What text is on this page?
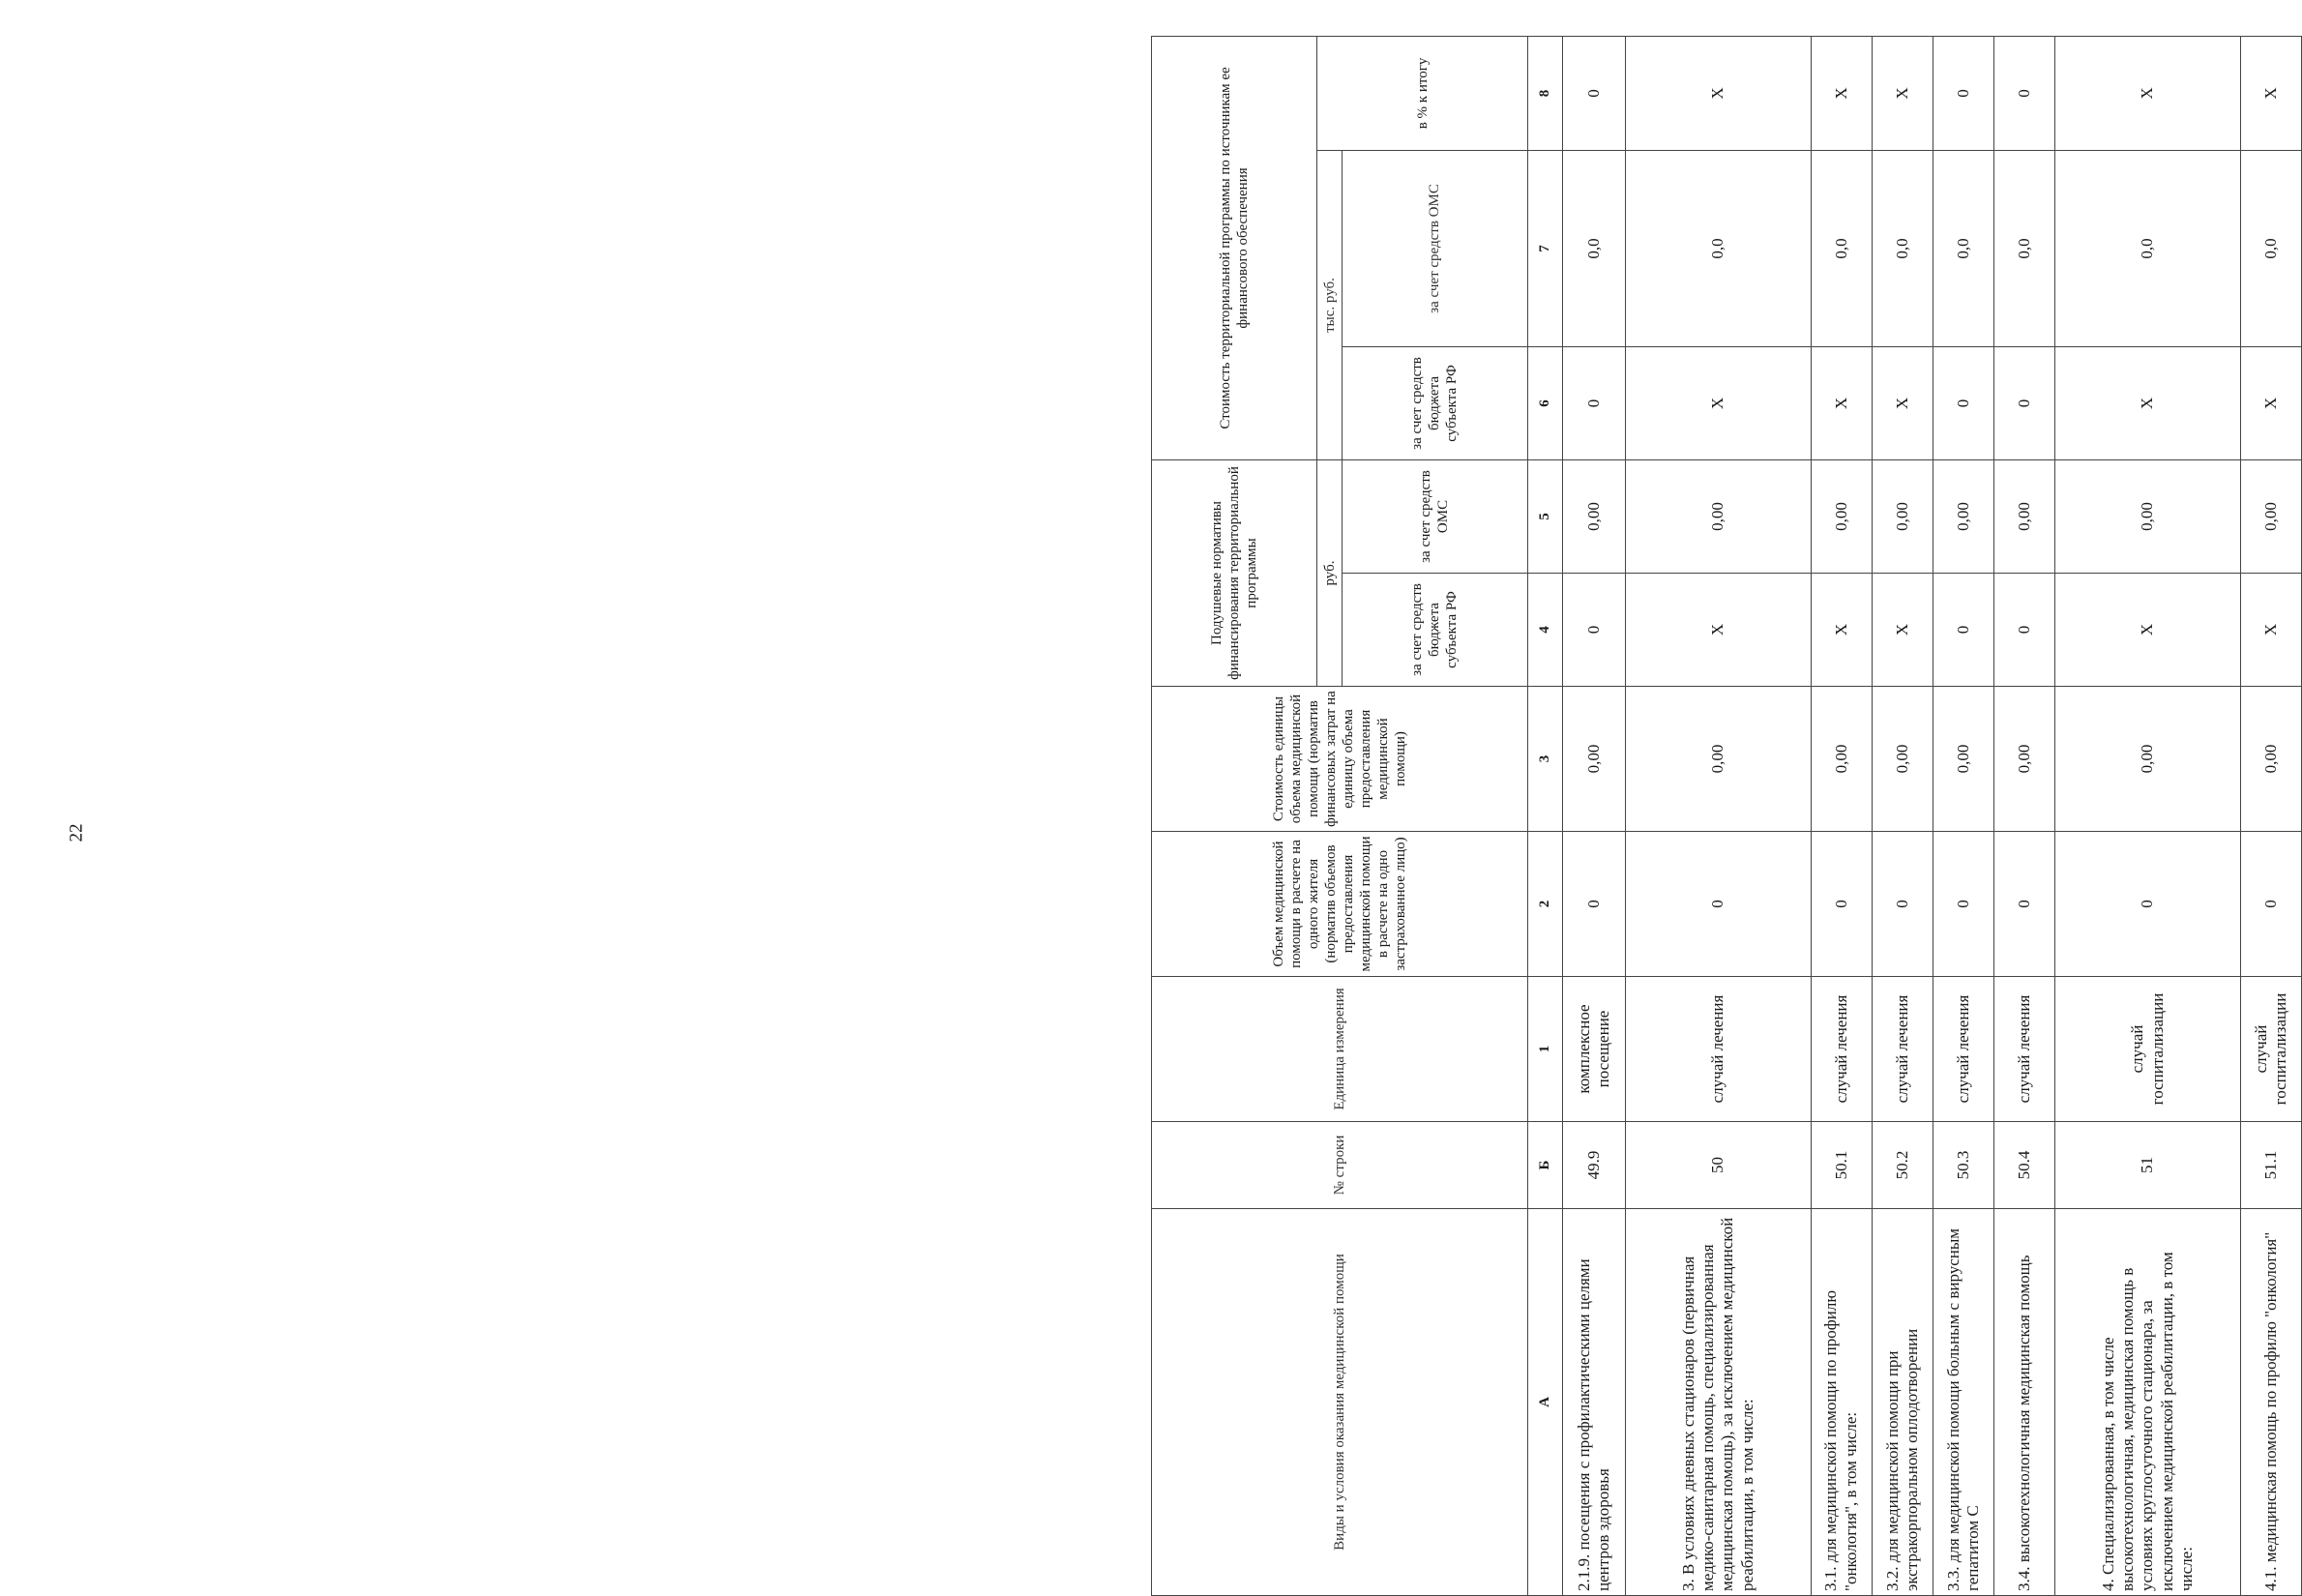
22
Виды и условия оказания медицинской помощи	№ строки	Единица измерения	Объем медицинской помощи в расчете на одного жителя (норматив объемов предоставления медицинской помощи в расчете на одно застрахованное лицо)	Стоимость единицы объема медицинской помощи (норматив финансовых затрат на единицу объема предоставления медицинской помощи)	Подушевые нормативы финансирования территориальной программы		Стоимость территориальной программы по источникам ее финансового обеспечения		
					руб.		тыс. руб.		в % к итогу
					за счет средств бюджета субъекта РФ	за счет средств ОМС	за счет средств бюджета субъекта РФ	за счет средств ОМС	
А	Б	1	2	3	4	5	6	7	8
2.1.9. посещения с профилактическими целями центров здоровья	49.9	комплексное посещение	0	0,00	0	0,00	0	0,0	0
3. В условиях дневных стационаров (первичная медико-санитарная помощь, специализированная медицинская помощь), за исключением медицинской реабилитации, в том числе:	50	случай лечения	0	0,00	X	0,00	X	0,0	X
3.1. для медицинской помощи по профилю "онкология", в том числе:	50.1	случай лечения	0	0,00	X	0,00	X	0,0	X
3.2. для медицинской помощи при экстракорпоральном оплодотворении	50.2	случай лечения	0	0,00	X	0,00	X	0,0	X
3.3. для медицинской помощи больным с вирусным гепатитом С	50.3	случай лечения	0	0,00	0	0,00	0	0,0	0
3.4. высокотехнологичная медицинская помощь	50.4	случай лечения	0	0,00	0	0,00	0	0,0	0
4. Специализированная, в том числе высокотехнологичная, медицинская помощь в условиях круглосуточного стационара, за исключением медицинской реабилитации, в том числе:	51	случай госпитализации	0	0,00	X	0,00	X	0,0	X
4.1. медицинская помощь по профилю "онкология"	51.1	случай госпитализации	0	0,00	X	0,00	X	0,0	X
